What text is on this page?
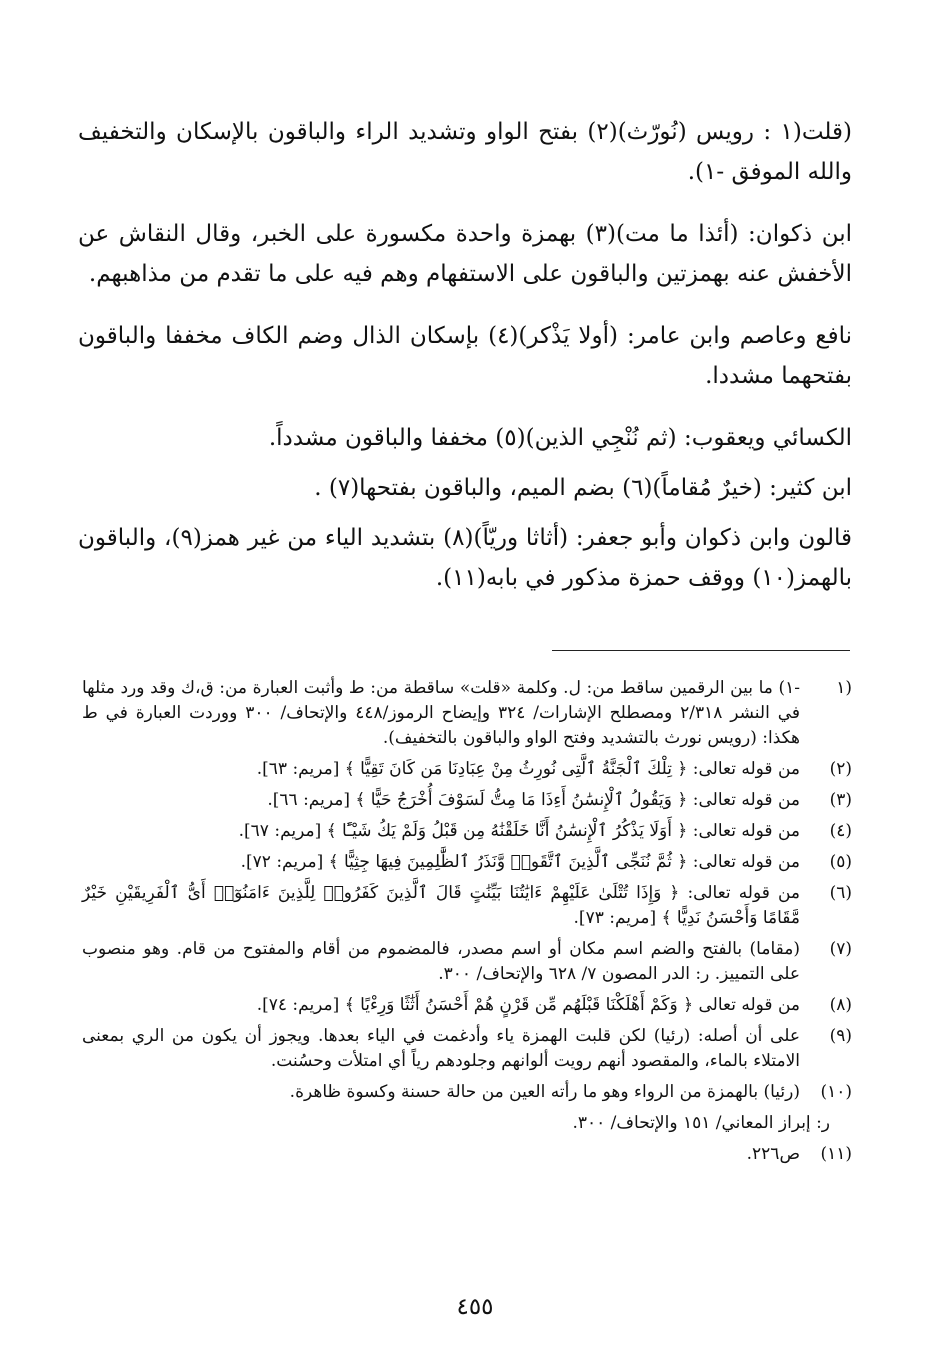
(قلت(١ : رويس (نُورّث)(٢) بفتح الواو وتشديد الراء والباقون بالإسكان والتخفيف والله الموفق -١).

ابن ذكوان: (أئذا ما مت)(٣) بهمزة واحدة مكسورة على الخبر، وقال النقاش عن الأخفش عنه بهمزتين والباقون على الاستفهام وهم فيه على ما تقدم من مذاهبهم.

نافع وعاصم وابن عامر: (أولا يَذْكر)(٤) بإسكان الذال وضم الكاف مخففا والباقون بفتحهما مشددا.

الكسائي ويعقوب: (ثم نُنْجِي الذين)(٥) مخففا والباقون مشدداً.

ابن كثير: (خيرٌ مُقاماً)(٦) بضم الميم، والباقون بفتحها(٧) .

قالون وابن ذكوان وأبو جعفر: (أثاثا وريّاً)(٨) بتشديد الياء من غير همز(٩)، والباقون بالهمز(١٠) ووقف حمزة مذكور في بابه(١١).

(١
-١) ما بين الرقمين ساقط من: ل. وكلمة «قلت» ساقطة من: ط وأثبت العبارة من: ق،ك وقد ورد مثلها في النشر ٢/٣١٨ ومصطلح الإشارات/ ٣٢٤ وإيضاح الرموز/٤٤٨ والإتحاف/ ٣٠٠ ووردت العبارة في ط هكذا: (رويس نورث بالتشديد وفتح الواو والباقون بالتخفيف).
(٢)
من قوله تعالى: ﴿ تِلْكَ ٱلْجَنَّةُ ٱلَّتِى نُورِثُ مِنْ عِبَادِنَا مَن كَانَ تَقِيًّا ﴾ [مريم: ٦٣].
(٣)
من قوله تعالى: ﴿ وَيَقُولُ ٱلْإِنسَٰنُ أَءِذَا مَا مِتُّ لَسَوْفَ أُخْرَجُ حَيًّا ﴾ [مريم: ٦٦].
(٤)
من قوله تعالى: ﴿ أَوَلَا يَذْكُرُ ٱلْإِنسَٰنُ أَنَّا خَلَقْنَٰهُ مِن قَبْلُ وَلَمْ يَكُ شَيْـًٔا ﴾ [مريم: ٦٧].
(٥)
من قوله تعالى: ﴿ ثُمَّ نُنَجِّى ٱلَّذِينَ ٱتَّقَوا۟ وَّنَذَرُ ٱلظَّٰلِمِينَ فِيهَا جِثِيًّا ﴾ [مريم: ٧٢].
(٦)
من قوله تعالى: ﴿ وَإِذَا تُتْلَىٰ عَلَيْهِمْ ءَايَٰتُنَا بَيِّنَٰتٍ قَالَ ٱلَّذِينَ كَفَرُوا۟ لِلَّذِينَ ءَامَنُوٓا۟ أَىُّ ٱلْفَرِيقَيْنِ خَيْرٌ مَّقَامًا وَأَحْسَنُ نَدِيًّا ﴾ [مريم: ٧٣].
(٧)
(مقاما) بالفتح والضم اسم مكان أو اسم مصدر، فالمضموم من أقام والمفتوح من قام. وهو منصوب على التمييز. ر: الدر المصون ٧/ ٦٢٨ والإتحاف/ ٣٠٠.
(٨)
من قوله تعالى ﴿ وَكَمْ أَهْلَكْنَا قَبْلَهُم مِّن قَرْنٍ هُمْ أَحْسَنُ أَثَٰثًا وَرِءْيًا ﴾ [مريم: ٧٤].
(٩)
على أن أصله: (رئيا) لكن قلبت الهمزة ياء وأدغمت في الياء بعدها. ويجوز أن يكون من الري بمعنى الامتلاء بالماء، والمقصود أنهم رويت ألوانهم وجلودهم رياً أي امتلأت وحسُنت.
(١٠)
(رئيا) بالهمزة من الرواء وهو ما رأته العين من حالة حسنة وكسوة ظاهرة.
ر: إبراز المعاني/ ١٥١ والإتحاف/ ٣٠٠.
(١١)
ص٢٢٦.
٤٥٥
